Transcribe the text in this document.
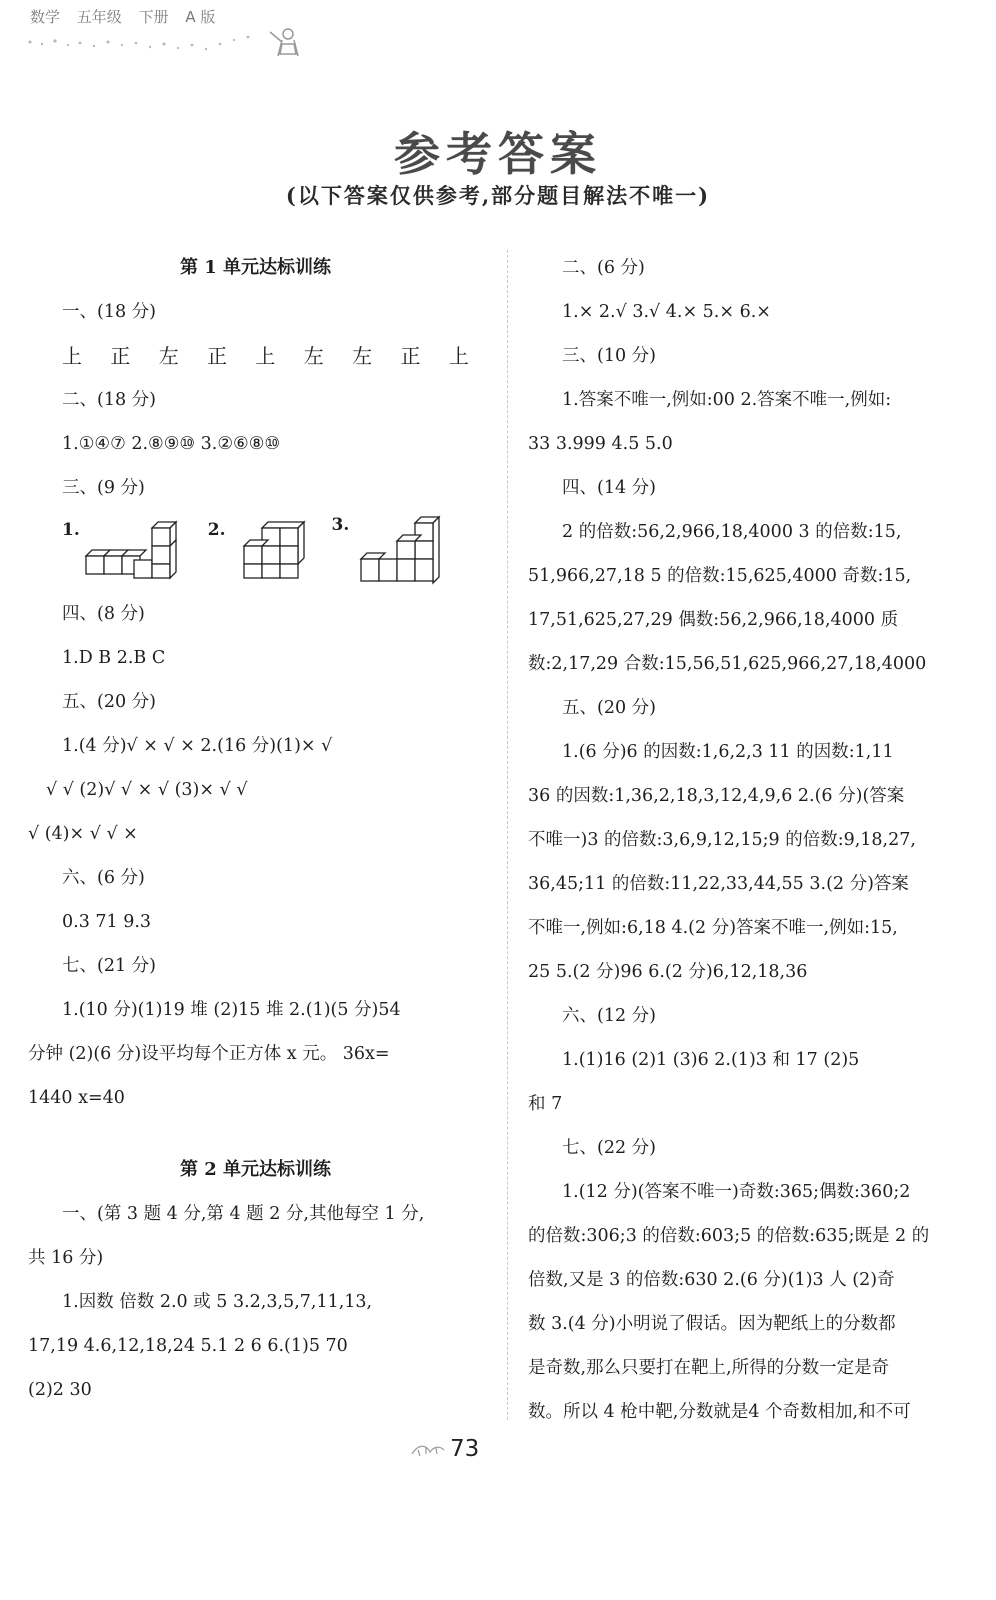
数学 五年级 下册 A 版
参考答案
(以下答案仅供参考,部分题目解法不唯一)
第 1 单元达标训练
一、(18 分)
上 正 左 正 上 左 左 正 上
二、(18 分)
1.①④⑦ 2.⑧⑨⑩ 3.②⑥⑧⑩
三、(9 分)
1.	2.	3.
四、(8 分)
1.D B 2.B C
五、(20 分)
1.(4 分)√ × √ × 2.(16 分)(1)× √
√ √ (2)√ √ × √ (3)× √ √
√ (4)× √ √ ×
六、(6 分)
0.3 71 9.3
七、(21 分)
1.(10 分)(1)19 堆 (2)15 堆 2.(1)(5 分)54
分钟 (2)(6 分)设平均每个正方体 x 元。 36x=
1440 x=40
第 2 单元达标训练
一、(第 3 题 4 分,第 4 题 2 分,其他每空 1 分,
共 16 分)
1.因数 倍数 2.0 或 5 3.2,3,5,7,11,13,
17,19 4.6,12,18,24 5.1 2 6 6.(1)5 70
(2)2 30
二、(6 分)
1.× 2.√ 3.√ 4.× 5.× 6.×
三、(10 分)
1.答案不唯一,例如:00 2.答案不唯一,例如:
33 3.999 4.5 5.0
四、(14 分)
2 的倍数:56,2,966,18,4000 3 的倍数:15,
51,966,27,18 5 的倍数:15,625,4000 奇数:15,
17,51,625,27,29 偶数:56,2,966,18,4000 质
数:2,17,29 合数:15,56,51,625,966,27,18,4000
五、(20 分)
1.(6 分)6 的因数:1,6,2,3 11 的因数:1,11
36 的因数:1,36,2,18,3,12,4,9,6 2.(6 分)(答案
不唯一)3 的倍数:3,6,9,12,15;9 的倍数:9,18,27,
36,45;11 的倍数:11,22,33,44,55 3.(2 分)答案
不唯一,例如:6,18 4.(2 分)答案不唯一,例如:15,
25 5.(2 分)96 6.(2 分)6,12,18,36
六、(12 分)
1.(1)16 (2)1 (3)6 2.(1)3 和 17 (2)5
和 7
七、(22 分)
1.(12 分)(答案不唯一)奇数:365;偶数:360;2
的倍数:306;3 的倍数:603;5 的倍数:635;既是 2 的
倍数,又是 3 的倍数:630 2.(6 分)(1)3 人 (2)奇
数 3.(4 分)小明说了假话。因为靶纸上的分数都
是奇数,那么只要打在靶上,所得的分数一定是奇
数。所以 4 枪中靶,分数就是4 个奇数相加,和不可
73
